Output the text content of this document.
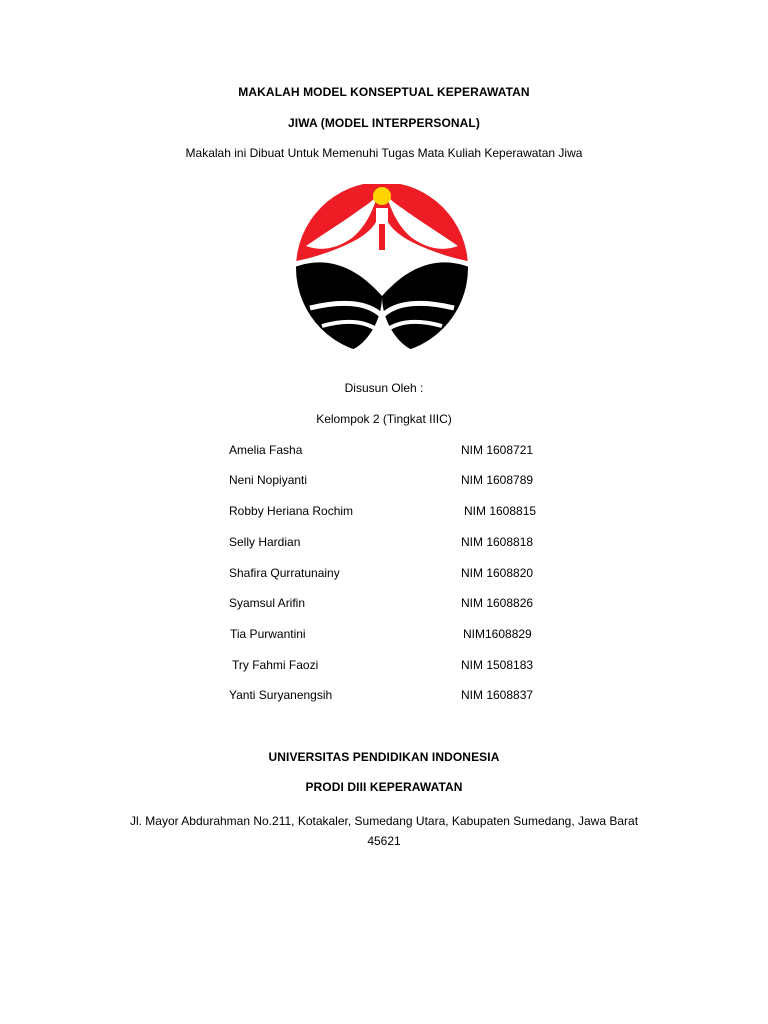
MAKALAH MODEL KONSEPTUAL KEPERAWATAN
JIWA (MODEL INTERPERSONAL)
Makalah ini Dibuat Untuk Memenuhi Tugas Mata Kuliah Keperawatan Jiwa
Disusun Oleh :
Kelompok 2 (Tingkat IIIC)
Amelia Fasha	NIM 1608721
Neni Nopiyanti	NIM 1608789
Robby Heriana Rochim	NIM 1608815
Selly Hardian	NIM 1608818
Shafira Qurratunainy	NIM 1608820
Syamsul Arifin	NIM 1608826
Tia Purwantini	NIM1608829
Try Fahmi Faozi	NIM 1508183
Yanti Suryanengsih	NIM 1608837
UNIVERSITAS PENDIDIKAN INDONESIA
PRODI DIII KEPERAWATAN
Jl. Mayor Abdurahman No.211, Kotakaler, Sumedang Utara, Kabupaten Sumedang, Jawa Barat
45621
